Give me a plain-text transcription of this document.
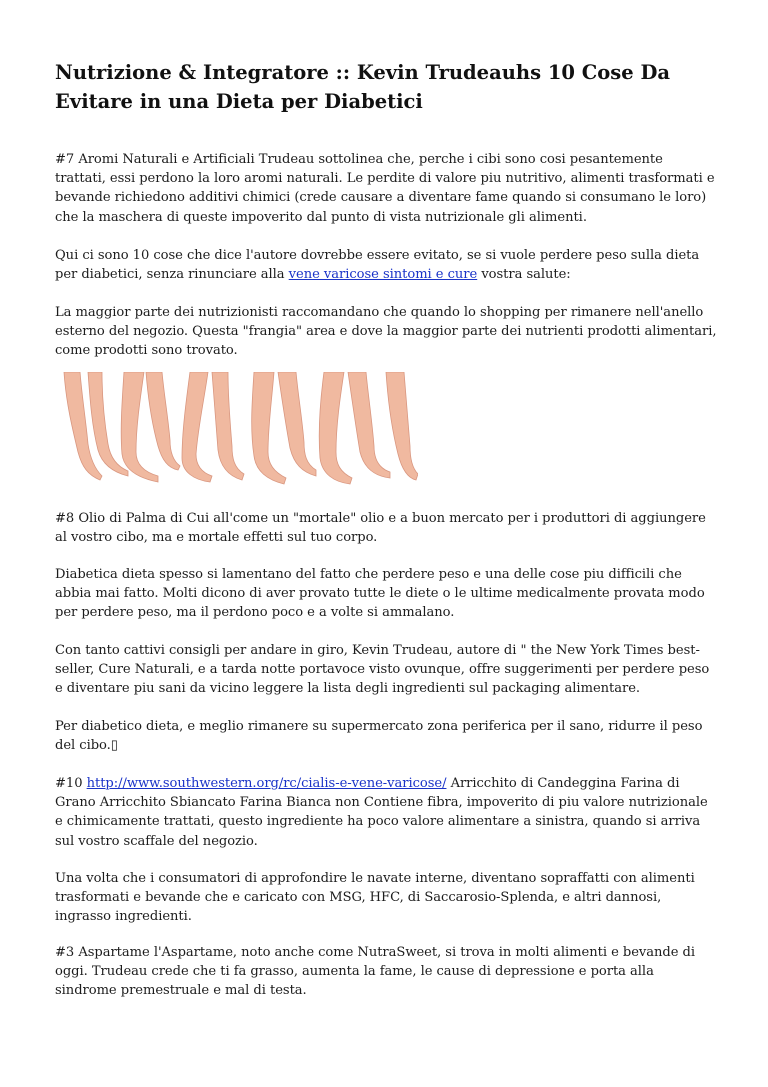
Nutrizione & Integratore :: Kevin Trudeauhs 10 Cose Da Evitare in una Dieta per Diabetici

#7 Aromi Naturali e Artificiali Trudeau sottolinea che, perche i cibi sono cosi pesantemente trattati, essi perdono la loro aromi naturali. Le perdite di valore piu nutritivo, alimenti trasformati e bevande richiedono additivi chimici (crede causare a diventare fame quando si consumano le loro) che la maschera di queste impoverito dal punto di vista nutrizionale gli alimenti.

Qui ci sono 10 cose che dice l'autore dovrebbe essere evitato, se si vuole perdere peso sulla dieta per diabetici, senza rinunciare alla vene varicose sintomi e cure vostra salute:

La maggior parte dei nutrizionisti raccomandano che quando lo shopping per rimanere nell'anello esterno del negozio. Questa "frangia" area e dove la maggior parte dei nutrienti prodotti alimentari, come prodotti sono trovato.

#8 Olio di Palma di Cui all'come un "mortale" olio e a buon mercato per i produttori di aggiungere al vostro cibo, ma e mortale effetti sul tuo corpo.

Diabetica dieta spesso si lamentano del fatto che perdere peso e una delle cose piu difficili che abbia mai fatto. Molti dicono di aver provato tutte le diete o le ultime medicalmente provata modo per perdere peso, ma il perdono poco e a volte si ammalano.

Con tanto cattivi consigli per andare in giro, Kevin Trudeau, autore di " the New York Times best-seller, Cure Naturali, e a tarda notte portavoce visto ovunque, offre suggerimenti per perdere peso e diventare piu sani da vicino leggere la lista degli ingredienti sul packaging alimentare.

Per diabetico dieta, e meglio rimanere su supermercato zona periferica per il sano, ridurre il peso del cibo.▯

#10 http://www.southwestern.org/rc/cialis-e-vene-varicose/ Arricchito di Candeggina Farina di Grano Arricchito Sbiancato Farina Bianca non Contiene fibra, impoverito di piu valore nutrizionale e chimicamente trattati, questo ingrediente ha poco valore alimentare a sinistra, quando si arriva sul vostro scaffale del negozio.

Una volta che i consumatori di approfondire le navate interne, diventano sopraffatti con alimenti trasformati e bevande che e caricato con MSG, HFC, di Saccarosio-Splenda, e altri dannosi, ingrasso ingredienti.

#3 Aspartame l'Aspartame, noto anche come NutraSweet, si trova in molti alimenti e bevande di oggi. Trudeau crede che ti fa grasso, aumenta la fame, le cause di depressione e porta alla sindrome premestruale e mal di testa.
